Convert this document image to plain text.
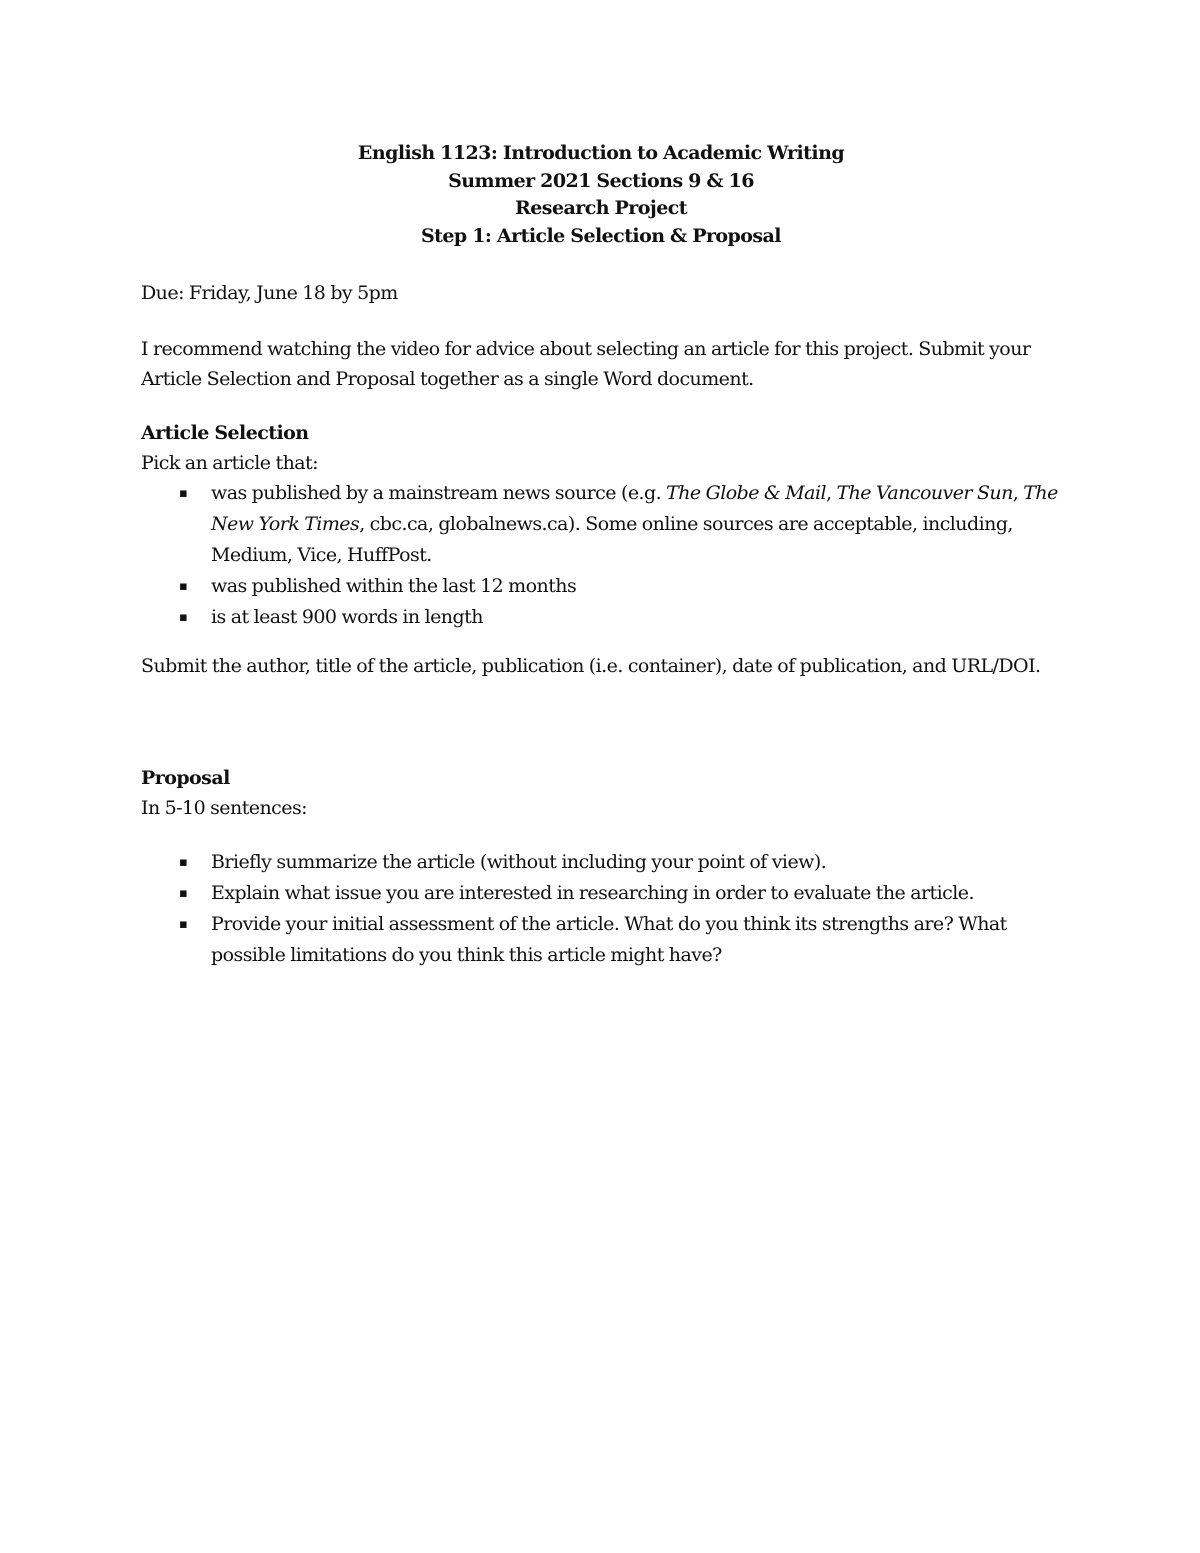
English 1123: Introduction to Academic Writing
Summer 2021 Sections 9 & 16
Research Project
Step 1: Article Selection & Proposal

Due: Friday, June 18 by 5pm

I recommend watching the video for advice about selecting an article for this project. Submit your Article Selection and Proposal together as a single Word document.

Article Selection

Pick an article that:

▪ was published by a mainstream news source (e.g. The Globe & Mail, The Vancouver Sun, The New York Times, cbc.ca, globalnews.ca). Some online sources are acceptable, including, Medium, Vice, HuffPost.
▪ was published within the last 12 months
▪ is at least 900 words in length

Submit the author, title of the article, publication (i.e. container), date of publication, and URL/DOI.

Proposal

In 5-10 sentences:

▪ Briefly summarize the article (without including your point of view).
▪ Explain what issue you are interested in researching in order to evaluate the article.
▪ Provide your initial assessment of the article. What do you think its strengths are? What possible limitations do you think this article might have?
